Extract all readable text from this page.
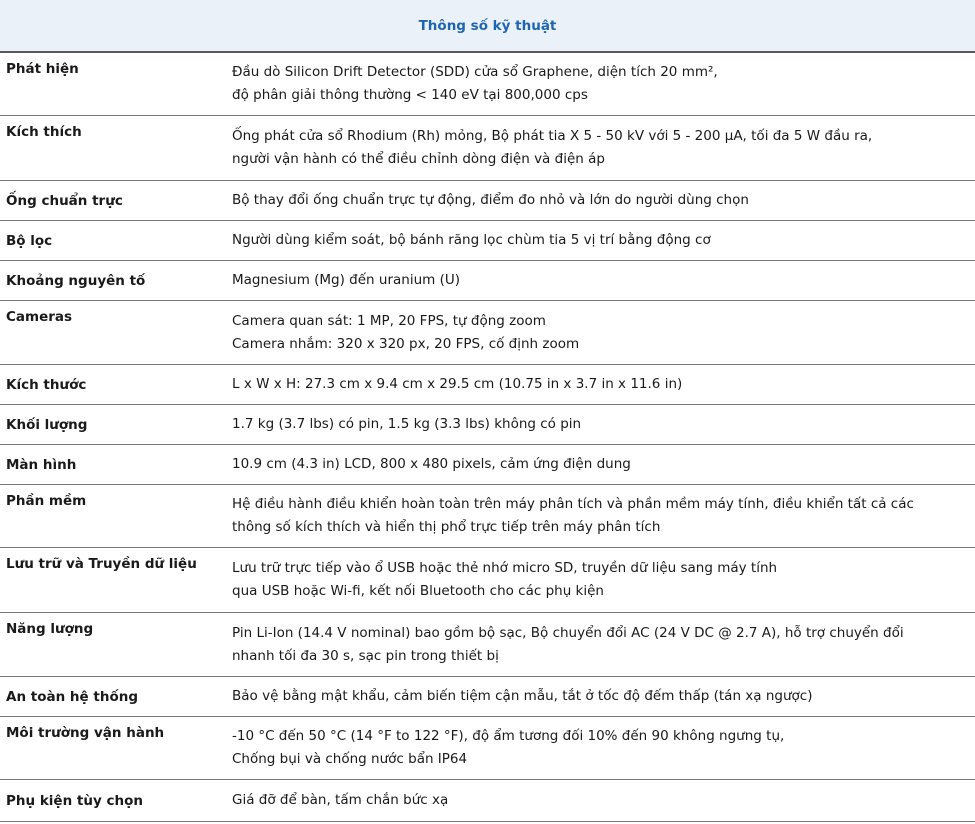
Thông số kỹ thuật
Phát hiện	Đầu dò Silicon Drift Detector (SDD) cửa sổ Graphene, diện tích 20 mm²,
độ phân giải thông thường < 140 eV tại 800,000 cps
Kích thích	Ống phát cửa sổ Rhodium (Rh) mỏng, Bộ phát tia X 5 - 50 kV với 5 - 200 µA, tối đa 5 W đầu ra,
người vận hành có thể điều chỉnh dòng điện và điện áp
Ống chuẩn trực	Bộ thay đổi ống chuẩn trực tự động, điểm đo nhỏ và lớn do người dùng chọn
Bộ lọc	Người dùng kiểm soát, bộ bánh răng lọc chùm tia 5 vị trí bằng động cơ
Khoảng nguyên tố	Magnesium (Mg) đến uranium (U)
Cameras	Camera quan sát: 1 MP, 20 FPS, tự động zoom
Camera nhắm: 320 x 320 px, 20 FPS, cố định zoom
Kích thước	L x W x H: 27.3 cm x 9.4 cm x 29.5 cm (10.75 in x 3.7 in x 11.6 in)
Khối lượng	1.7 kg (3.7 lbs) có pin, 1.5 kg (3.3 lbs) không có pin
Màn hình	10.9 cm (4.3 in) LCD, 800 x 480 pixels, cảm ứng điện dung
Phần mềm	Hệ điều hành điều khiển hoàn toàn trên máy phân tích và phần mềm máy tính, điều khiển tất cả các
thông số kích thích và hiển thị phổ trực tiếp trên máy phân tích
Lưu trữ và Truyền dữ liệu	Lưu trữ trực tiếp vào ổ USB hoặc thẻ nhớ micro SD, truyền dữ liệu sang máy tính
qua USB hoặc Wi-fi, kết nối Bluetooth cho các phụ kiện
Năng lượng	Pin Li-Ion (14.4 V nominal) bao gồm bộ sạc, Bộ chuyển đổi AC (24 V DC @ 2.7 A), hỗ trợ chuyển đổi
nhanh tối đa 30 s, sạc pin trong thiết bị
An toàn hệ thống	Bảo vệ bằng mật khẩu, cảm biến tiệm cận mẫu, tắt ở tốc độ đếm thấp (tán xạ ngược)
Môi trường vận hành	-10 °C đến 50 °C (14 °F to 122 °F), độ ẩm tương đối 10% đến 90 không ngưng tụ,
Chống bụi và chống nước bẩn IP64
Phụ kiện tùy chọn	Giá đỡ để bàn, tấm chắn bức xạ
